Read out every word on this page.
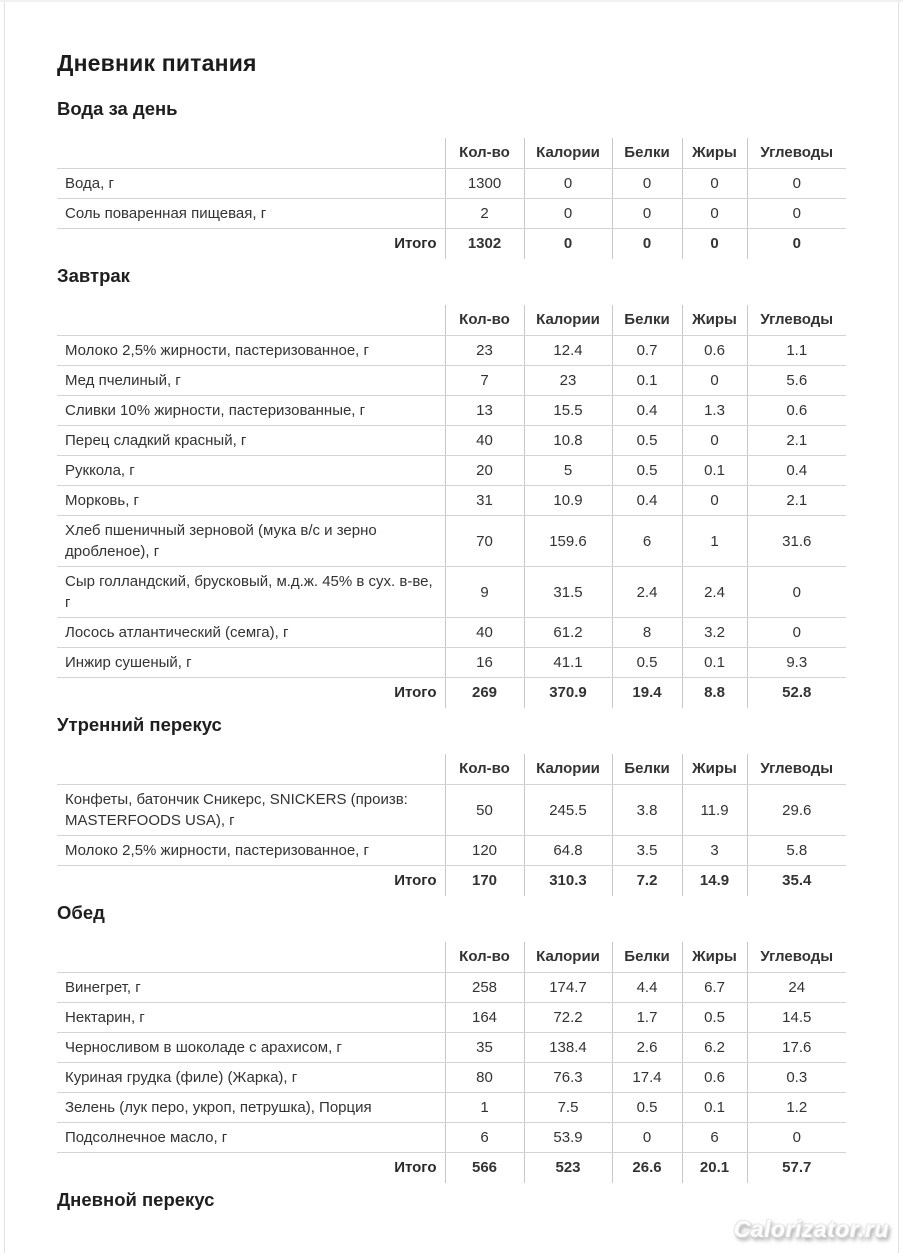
Дневник питания
Вода за день
	Кол-во	Калории	Белки	Жиры	Углеводы
Вода, г	1300	0	0	0	0
Соль поваренная пищевая, г	2	0	0	0	0
Итого	1302	0	0	0	0
Завтрак
	Кол-во	Калории	Белки	Жиры	Углеводы
Молоко 2,5% жирности, пастеризованное, г	23	12.4	0.7	0.6	1.1
Мед пчелиный, г	7	23	0.1	0	5.6
Сливки 10% жирности, пастеризованные, г	13	15.5	0.4	1.3	0.6
Перец сладкий красный, г	40	10.8	0.5	0	2.1
Руккола, г	20	5	0.5	0.1	0.4
Морковь, г	31	10.9	0.4	0	2.1
Хлеб пшеничный зерновой (мука в/с и зерно дробленое), г	70	159.6	6	1	31.6
Сыр голландский, брусковый, м.д.ж. 45% в сух. в-ве, г	9	31.5	2.4	2.4	0
Лосось атлантический (семга), г	40	61.2	8	3.2	0
Инжир сушеный, г	16	41.1	0.5	0.1	9.3
Итого	269	370.9	19.4	8.8	52.8
Утренний перекус
	Кол-во	Калории	Белки	Жиры	Углеводы
Конфеты, батончик Сникерс, SNICKERS (произв: MASTERFOODS USA), г	50	245.5	3.8	11.9	29.6
Молоко 2,5% жирности, пастеризованное, г	120	64.8	3.5	3	5.8
Итого	170	310.3	7.2	14.9	35.4
Обед
	Кол-во	Калории	Белки	Жиры	Углеводы
Винегрет, г	258	174.7	4.4	6.7	24
Нектарин, г	164	72.2	1.7	0.5	14.5
Черносливом в шоколаде с арахисом, г	35	138.4	2.6	6.2	17.6
Куриная грудка (филе) (Жарка), г	80	76.3	17.4	0.6	0.3
Зелень (лук перо, укроп, петрушка), Порция	1	7.5	0.5	0.1	1.2
Подсолнечное масло, г	6	53.9	0	6	0
Итого	566	523	26.6	20.1	57.7
Дневной перекус
Calorizator.ru
